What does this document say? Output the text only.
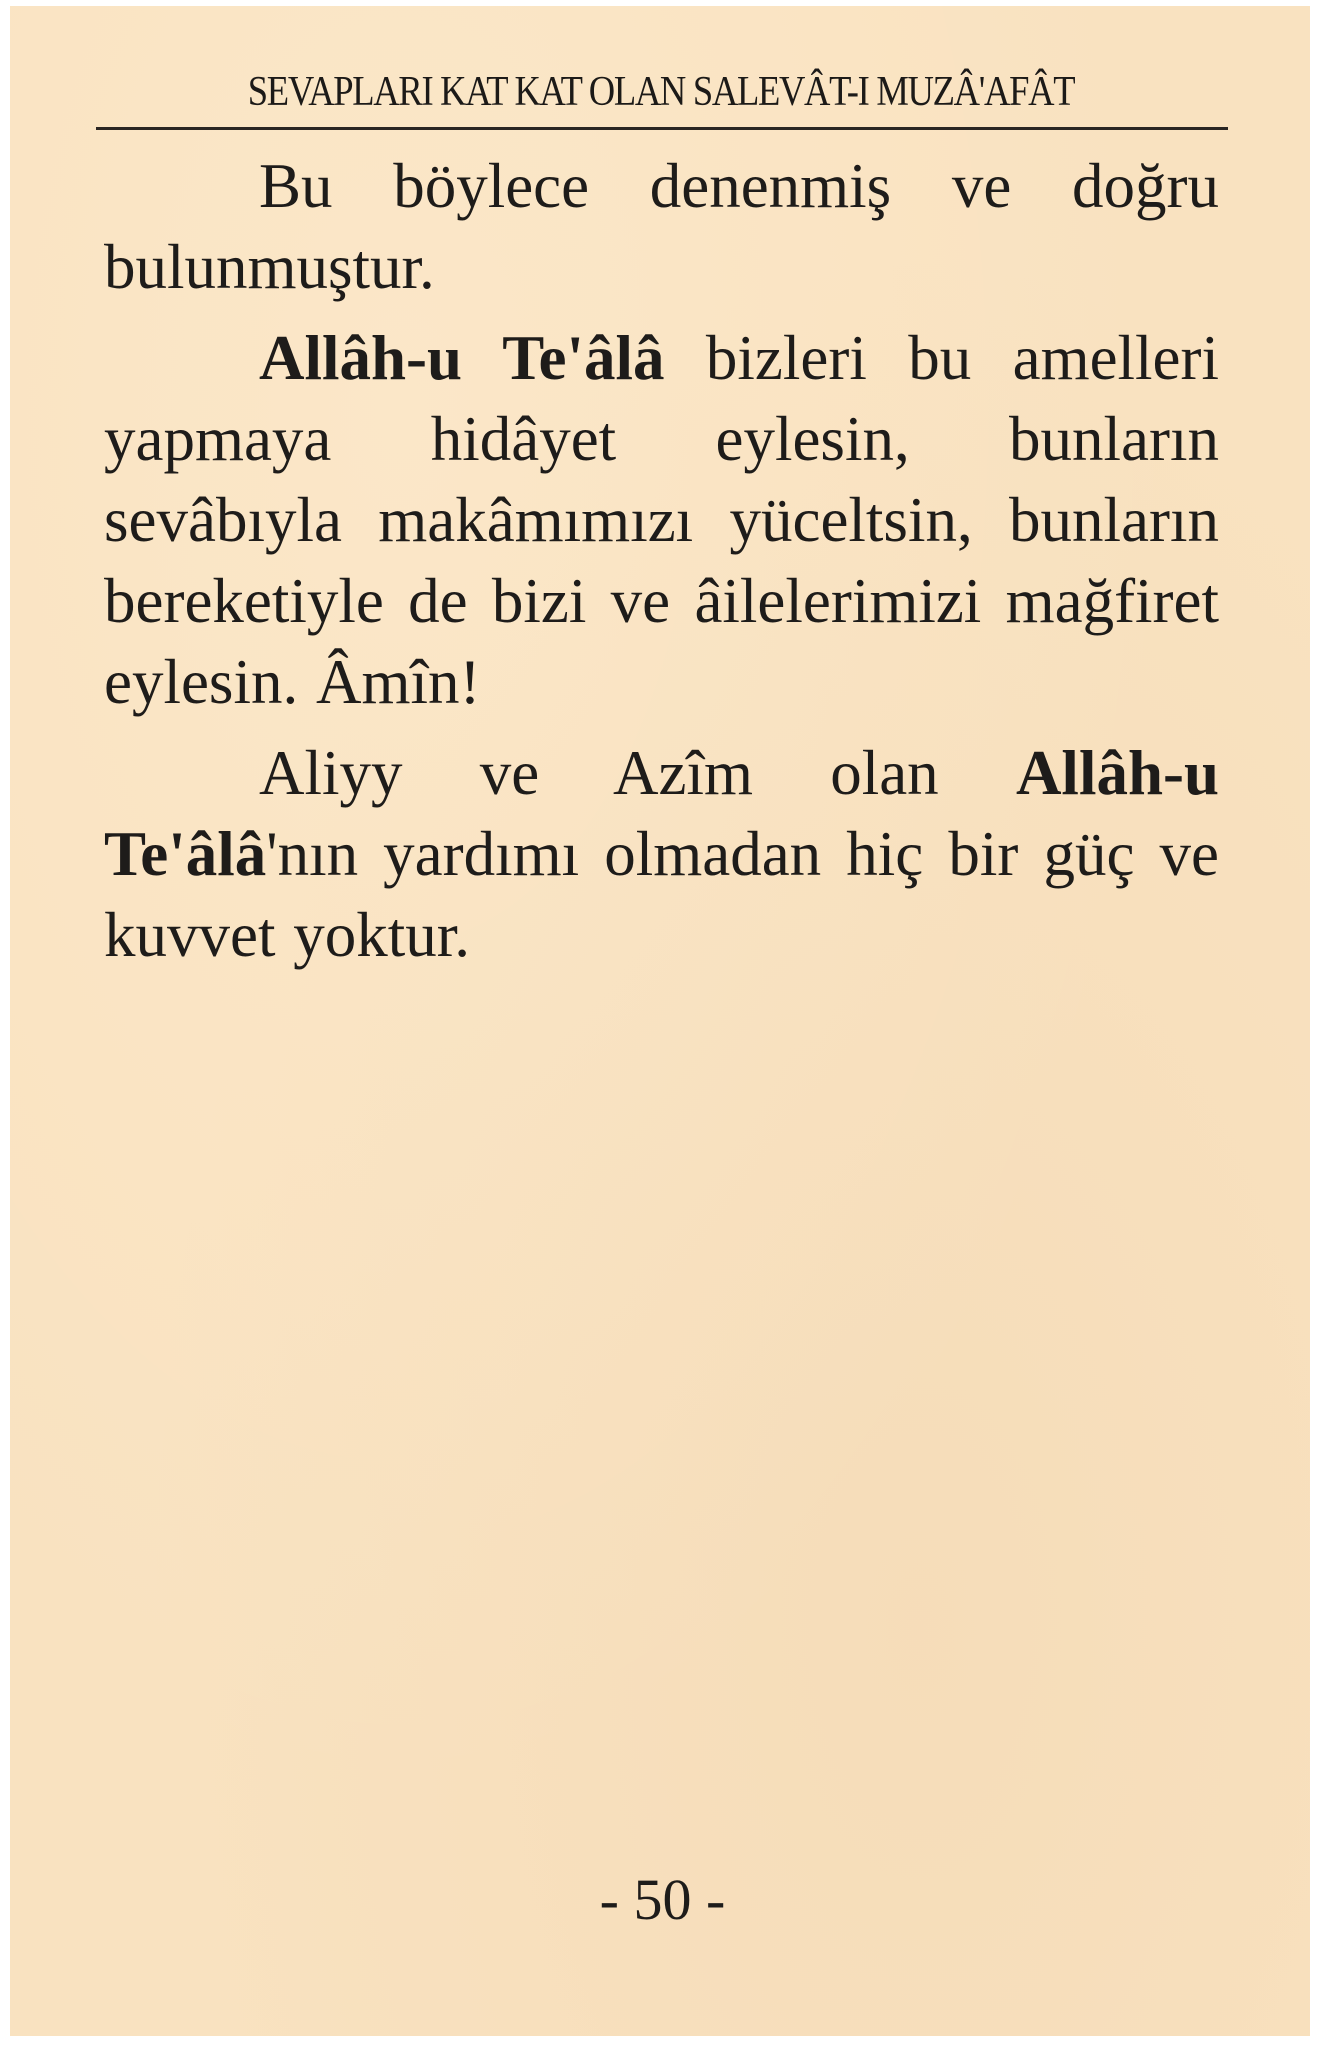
SEVAPLARI KAT KAT OLAN SALEVÂT-I MUZÂ'AFÂT

Bu böylece denenmiş ve doğru bulunmuştur.

Allâh-u Te'âlâ bizleri bu amelleri yapmaya hidâyet eylesin, bunların sevâbıyla makâmımızı yüceltsin, bunların bereketiyle de bizi ve âilelerimizi mağfiret eylesin. Âmîn!

Aliyy ve Azîm olan Allâh-u Te'âlâ'nın yardımı olmadan hiç bir güç ve kuvvet yoktur.

- 50 -
